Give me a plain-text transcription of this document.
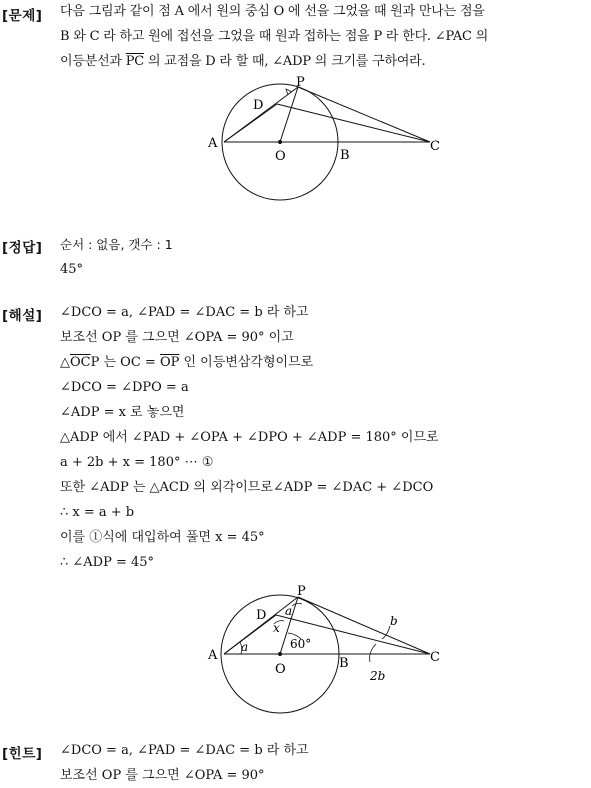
[문제] 다음 그림과 같이 점 A 에서 원의 중심 O 에 선을 그었을 때 원과 만나는 점을
B 와 C 라 하고 원에 접선을 그었을 때 원과 접하는 점을 P 라 한다. ∠PAC 의
이등분선과 $\overline{PC}$ 의 교점을 D 라 할 때, ∠ADP 의 크기를 구하여라.
P
D
A
O	B
C
[정답] 순서 : 없음, 갯수 : 1
45°
[해설] ∠DCO = a, ∠PAD = ∠DAC = b 라 하고
보조선 OP 를 그으면 ∠OPA = 90° 이고
$\triangle\overline{OC}P$ 는 OC = $\overline{OP}$ 인 이등변삼각형이므로
∠DCO = ∠DPO = a
∠ADP = x 로 놓으면
△ADP 에서 ∠PAD + ∠OPA + ∠DPO + ∠ADP = 180° 이므로
a + 2b + x = 180° ⋯ ①
또한 ∠ADP 는 △ACD 의 외각이므로∠ADP = ∠DAC + ∠DCO
∴ x = a + b
이를 ①식에 대입하여 풀면 x = 45°
∴ ∠ADP = 45°
P
D
A
O	B	C
a
a
x
60°
b
2b
[힌트] ∠DCO = a, ∠PAD = ∠DAC = b 라 하고
보조선 OP 를 그으면 ∠OPA = 90°
